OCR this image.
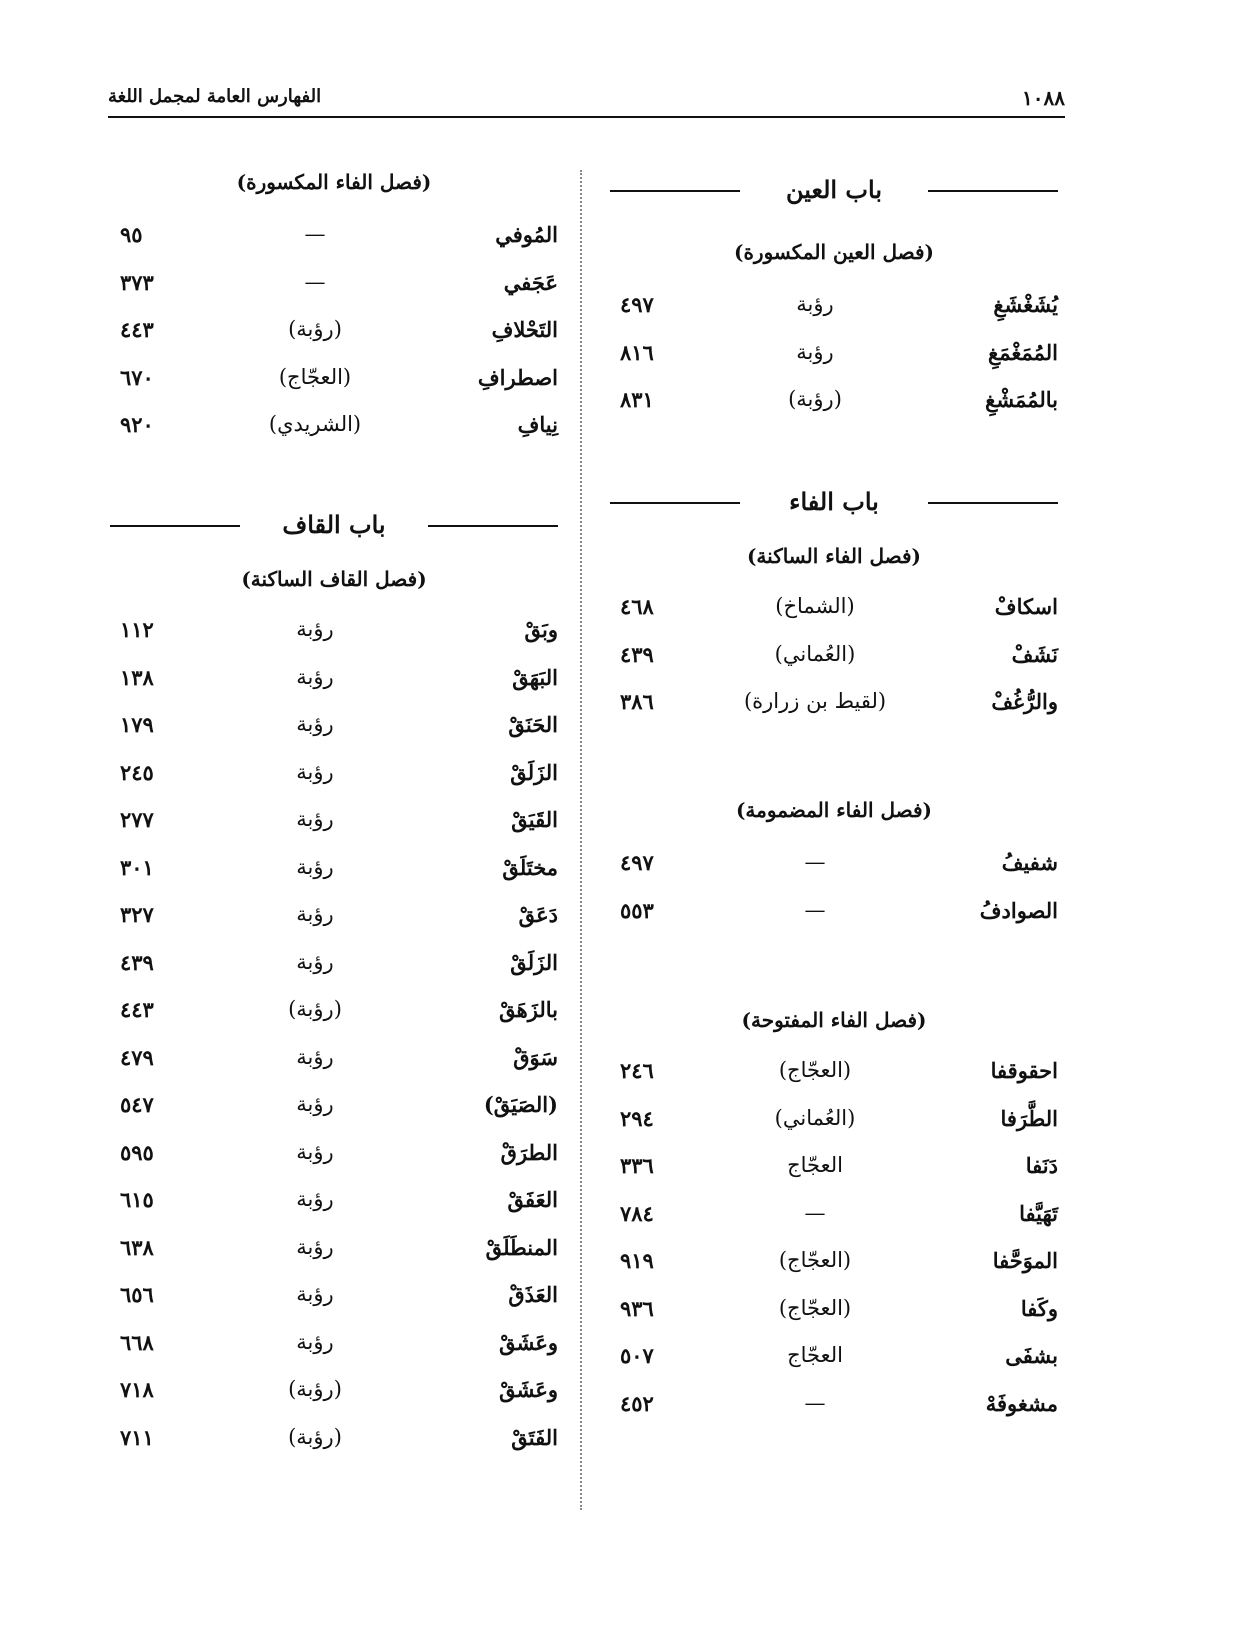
١٠٨٨
الفهارس العامة لمجمل اللغة
باب العين
(فصل العين المكسورة)
يُشَغْشَغِ
رؤبة
٤٩٧
المُمَغْمَغِ
رؤبة
٨١٦
بالمُمَشْغِ
(رؤبة)
٨٣١
باب الفاء
(فصل الفاء الساكنة)
اسكافْ
(الشماخ)
٤٦٨
نَشَفْ
(العُماني)
٤٣٩
والرُّغُفْ
(لقيط بن زرارة)
٣٨٦
(فصل الفاء المضمومة)
شفيفُ
—
٤٩٧
الصوادفُ
—
٥٥٣
(فصل الفاء المفتوحة)
احقوقفا
(العجّاج)
٢٤٦
الطَّرَفا
(العُماني)
٢٩٤
دَنَفا
العجّاج
٣٣٦
تَهَيَّفا
—
٧٨٤
الموَحَّفا
(العجّاج)
٩١٩
وكَفا
(العجّاج)
٩٣٦
بشفَى
العجّاج
٥٠٧
مشغوفَهْ
—
٤٥٢
(فصل الفاء المكسورة)
المُوفي
—
٩٥
عَجَفي
—
٣٧٣
التَحْلافِ
(رؤبة)
٤٤٣
اصطرافِ
(العجّاج)
٦٧٠
نِيافِ
(الشريدي)
٩٢٠
باب القاف
(فصل القاف الساكنة)
وبَقْ
رؤبة
١١٢
البَهَقْ
رؤبة
١٣٨
الحَنَقْ
رؤبة
١٧٩
الزَلَقْ
رؤبة
٢٤٥
القَيَقْ
رؤبة
٢٧٧
مختَلَقْ
رؤبة
٣٠١
دَعَقْ
رؤبة
٣٢٧
الزَلَقْ
رؤبة
٤٣٩
بالزَهَقْ
(رؤبة)
٤٤٣
سَوَقْ
رؤبة
٤٧٩
(الصَيَقْ)
رؤبة
٥٤٧
الطرَقْ
رؤبة
٥٩٥
العَفَقْ
رؤبة
٦١٥
المنطَلَقْ
رؤبة
٦٣٨
العَذَقْ
رؤبة
٦٥٦
وعَشَقْ
رؤبة
٦٦٨
وعَشَقْ
(رؤبة)
٧١٨
الفَتَقْ
(رؤبة)
٧١١
